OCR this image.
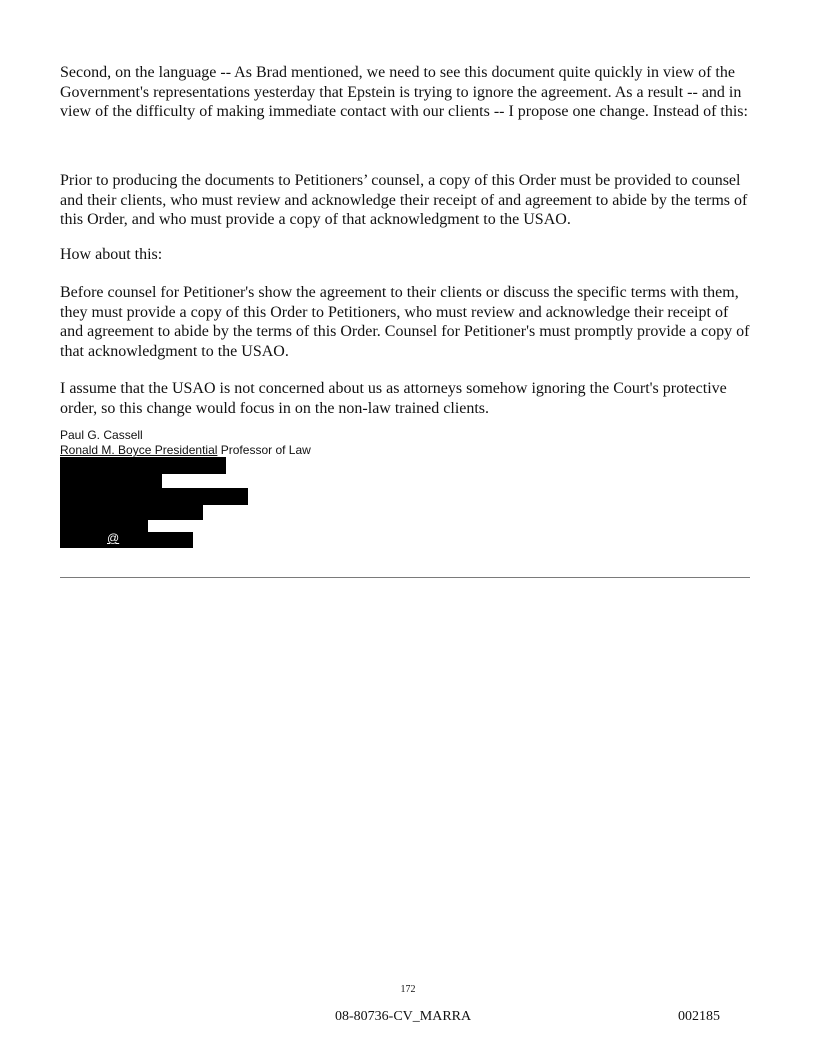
Second, on the language -- As Brad mentioned, we need to see this document quite quickly in view of the Government's representations yesterday that Epstein is trying to ignore the agreement. As a result -- and in view of the difficulty of making immediate contact with our clients -- I propose one change. Instead of this:

Prior to producing the documents to Petitioners’ counsel, a copy of this Order must be provided to counsel and their clients, who must review and acknowledge their receipt of and agreement to abide by the terms of this Order, and who must provide a copy of that acknowledgment to the USAO.

How about this:

Before counsel for Petitioner's show the agreement to their clients or discuss the specific terms with them, they must provide a copy of this Order to Petitioners, who must review and acknowledge their receipt of and agreement to abide by the terms of this Order. Counsel for Petitioner's must promptly provide a copy of that acknowledgment to the USAO.

I assume that the USAO is not concerned about us as attorneys somehow ignoring the Court's protective order, so this change would focus in on the non-law trained clients.

Paul G. Cassell
Ronald M. Boyce Presidential Professor of Law
@
172
08-80736-CV_MARRA	002185
